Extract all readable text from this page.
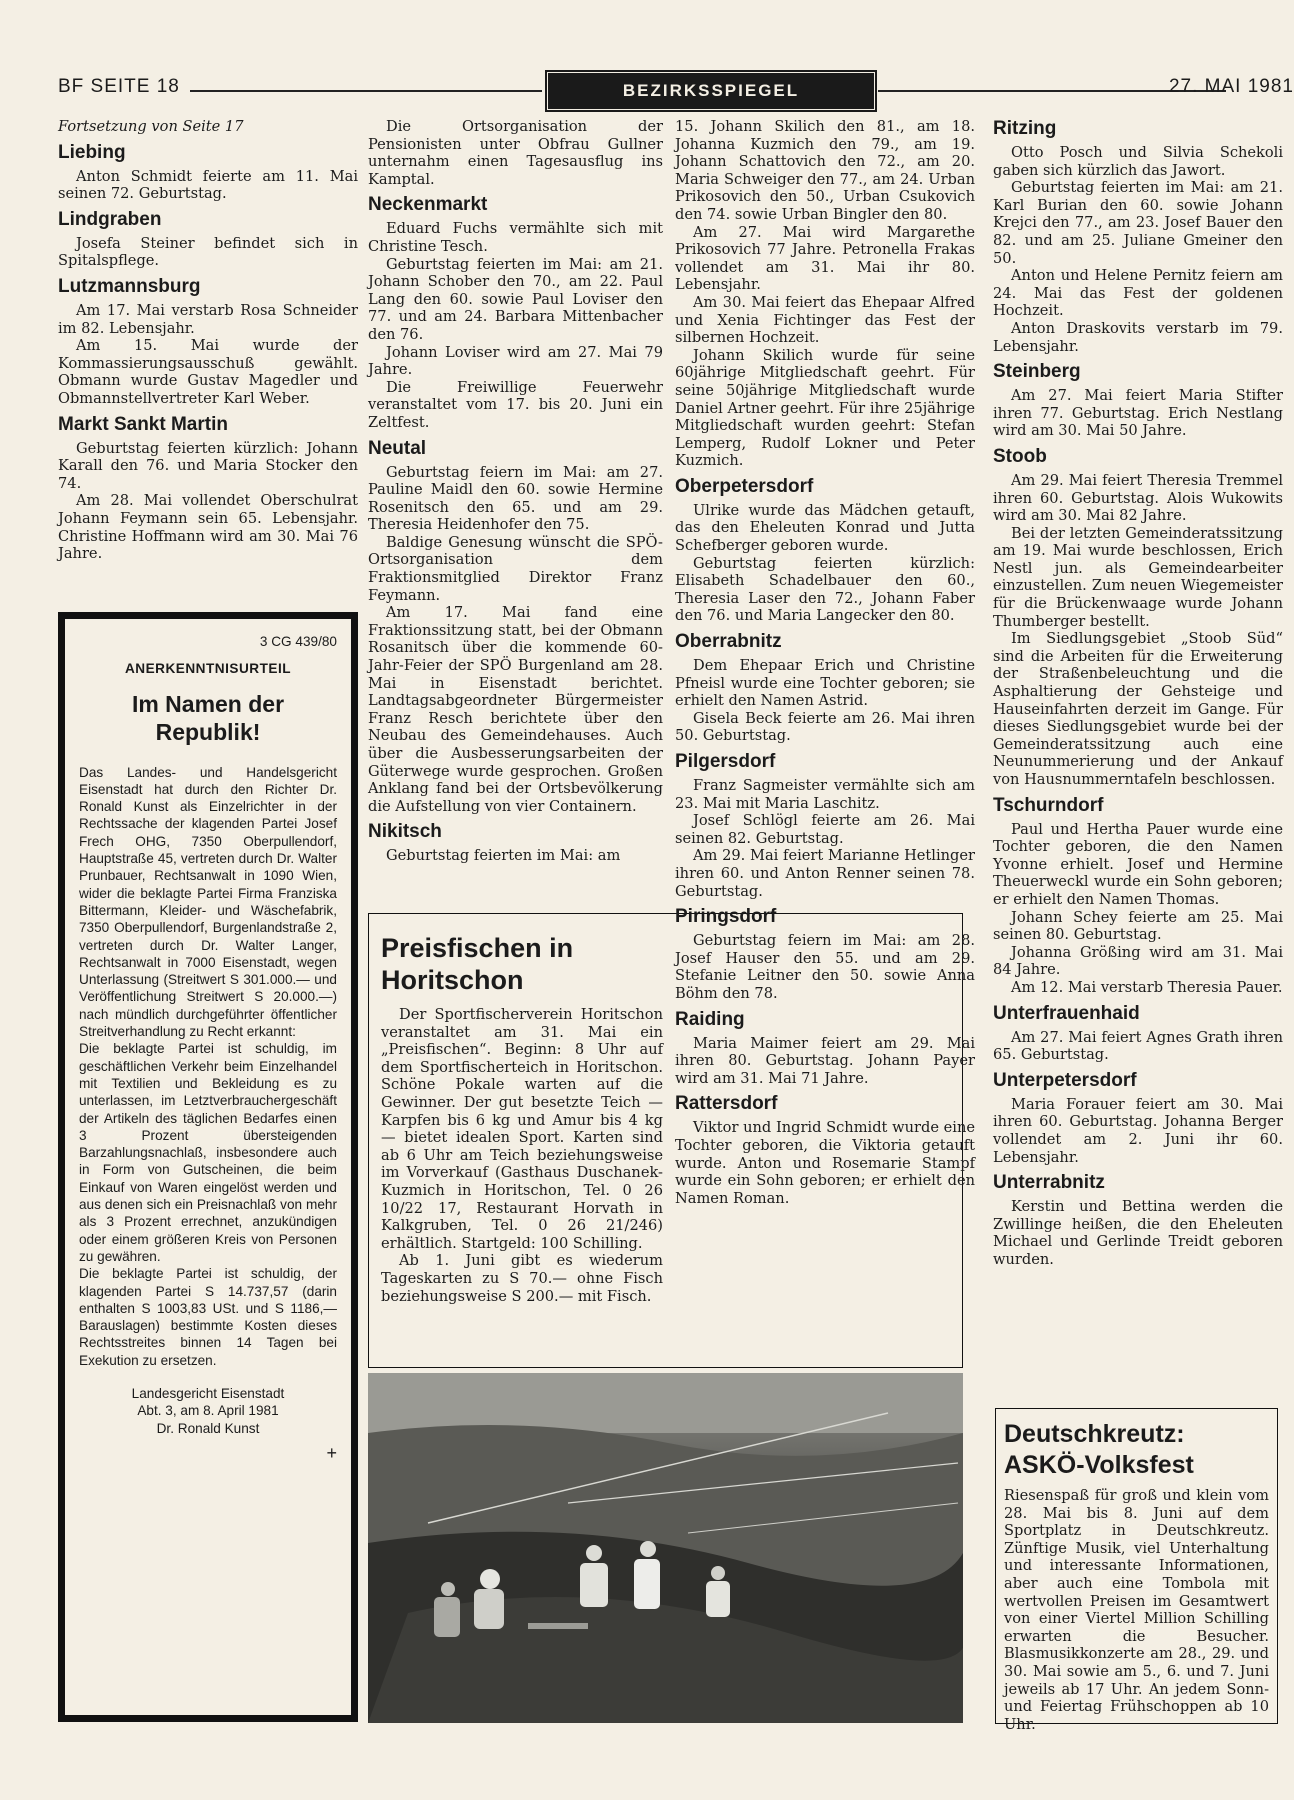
BF SEITE 18	BEZIRKSSPIEGEL	27. MAI 1981

Fortsetzung von Seite 17

Liebing

Anton Schmidt feierte am 11. Mai seinen 72. Geburtstag.

Lindgraben

Josefa Steiner befindet sich in Spitalspflege.

Lutzmannsburg

Am 17. Mai verstarb Rosa Schneider im 82. Lebensjahr.

Am 15. Mai wurde der Kommassierungsausschuß gewählt. Obmann wurde Gustav Magedler und Obmannstellvertreter Karl Weber.

Markt Sankt Martin

Geburtstag feierten kürzlich: Johann Karall den 76. und Maria Stocker den 74.

Am 28. Mai vollendet Oberschulrat Johann Feymann sein 65. Lebensjahr. Christine Hoffmann wird am 30. Mai 76 Jahre.

3 CG 439/80

ANERKENNTNISURTEIL

Im Namen der Republik!

Das Landes- und Handelsgericht Eisenstadt hat durch den Richter Dr. Ronald Kunst als Einzelrichter in der Rechtssache der klagenden Partei Josef Frech OHG, 7350 Oberpullendorf, Hauptstraße 45, vertreten durch Dr. Walter Prunbauer, Rechtsanwalt in 1090 Wien, wider die beklagte Partei Firma Franziska Bittermann, Kleider- und Wäschefabrik, 7350 Oberpullendorf, Burgenlandstraße 2, vertreten durch Dr. Walter Langer, Rechtsanwalt in 7000 Eisenstadt, wegen Unterlassung (Streitwert S 301.000.— und Veröffentlichung Streitwert S 20.000.—) nach mündlich durchgeführter öffentlicher Streitverhandlung zu Recht erkannt:

Die beklagte Partei ist schuldig, im geschäftlichen Verkehr beim Einzelhandel mit Textilien und Bekleidung es zu unterlassen, im Letztverbrauchergeschäft der Artikeln des täglichen Bedarfes einen 3 Prozent übersteigenden Barzahlungsnachlaß, insbesondere auch in Form von Gutscheinen, die beim Einkauf von Waren eingelöst werden und aus denen sich ein Preisnachlaß von mehr als 3 Prozent errechnet, anzukündigen oder einem größeren Kreis von Personen zu gewähren.

Die beklagte Partei ist schuldig, der klagenden Partei S 14.737,57 (darin enthalten S 1003,83 USt. und S 1186,— Barauslagen) bestimmte Kosten dieses Rechtsstreites binnen 14 Tagen bei Exekution zu ersetzen.

Landesgericht Eisenstadt

Abt. 3, am 8. April 1981

Dr. Ronald Kunst

+

Die Ortsorganisation der Pensionisten unter Obfrau Gullner unternahm einen Tagesausflug ins Kamptal.

Neckenmarkt

Eduard Fuchs vermählte sich mit Christine Tesch.

Geburtstag feierten im Mai: am 21. Johann Schober den 70., am 22. Paul Lang den 60. sowie Paul Loviser den 77. und am 24. Barbara Mittenbacher den 76.

Johann Loviser wird am 27. Mai 79 Jahre.

Die Freiwillige Feuerwehr veranstaltet vom 17. bis 20. Juni ein Zeltfest.

Neutal

Geburtstag feiern im Mai: am 27. Pauline Maidl den 60. sowie Hermine Rosenitsch den 65. und am 29. Theresia Heidenhofer den 75.

Baldige Genesung wünscht die SPÖ-Ortsorganisation dem Fraktionsmitglied Direktor Franz Feymann.

Am 17. Mai fand eine Fraktionssitzung statt, bei der Obmann Rosanitsch über die kommende 60-Jahr-Feier der SPÖ Burgenland am 28. Mai in Eisenstadt berichtet. Landtagsabgeordneter Bürgermeister Franz Resch berichtete über den Neubau des Gemeindehauses. Auch über die Ausbesserungsarbeiten der Güterwege wurde gesprochen. Großen Anklang fand bei der Ortsbevölkerung die Aufstellung von vier Containern.

Nikitsch

Geburtstag feierten im Mai: am

Preisfischen in Horitschon

Der Sportfischerverein Horitschon veranstaltet am 31. Mai ein „Preisfischen“. Beginn: 8 Uhr auf dem Sportfischerteich in Horitschon. Schöne Pokale warten auf die Gewinner. Der gut besetzte Teich — Karpfen bis 6 kg und Amur bis 4 kg — bietet idealen Sport. Karten sind ab 6 Uhr am Teich beziehungsweise im Vorverkauf (Gasthaus Duschanek-Kuzmich in Horitschon, Tel. 0 26 10/22 17, Restaurant Horvath in Kalkgruben, Tel. 0 26 21/246) erhältlich. Startgeld: 100 Schilling.

Ab 1. Juni gibt es wiederum Tageskarten zu S 70.— ohne Fisch beziehungsweise S 200.— mit Fisch.

15. Johann Skilich den 81., am 18. Johanna Kuzmich den 79., am 19. Johann Schattovich den 72., am 20. Maria Schweiger den 77., am 24. Urban Prikosovich den 50., Urban Csukovich den 74. sowie Urban Bingler den 80.

Am 27. Mai wird Margarethe Prikosovich 77 Jahre. Petronella Frakas vollendet am 31. Mai ihr 80. Lebensjahr.

Am 30. Mai feiert das Ehepaar Alfred und Xenia Fichtinger das Fest der silbernen Hochzeit.

Johann Skilich wurde für seine 60jährige Mitgliedschaft geehrt. Für seine 50jährige Mitgliedschaft wurde Daniel Artner geehrt. Für ihre 25jährige Mitgliedschaft wurden geehrt: Stefan Lemperg, Rudolf Lokner und Peter Kuzmich.

Oberpetersdorf

Ulrike wurde das Mädchen getauft, das den Eheleuten Konrad und Jutta Schefberger geboren wurde.

Geburtstag feierten kürzlich: Elisabeth Schadelbauer den 60., Theresia Laser den 72., Johann Faber den 76. und Maria Langecker den 80.

Oberrabnitz

Dem Ehepaar Erich und Christine Pfneisl wurde eine Tochter geboren; sie erhielt den Namen Astrid.

Gisela Beck feierte am 26. Mai ihren 50. Geburtstag.

Pilgersdorf

Franz Sagmeister vermählte sich am 23. Mai mit Maria Laschitz.

Josef Schlögl feierte am 26. Mai seinen 82. Geburtstag.

Am 29. Mai feiert Marianne Hetlinger ihren 60. und Anton Renner seinen 78. Geburtstag.

Piringsdorf

Geburtstag feiern im Mai: am 28. Josef Hauser den 55. und am 29. Stefanie Leitner den 50. sowie Anna Böhm den 78.

Raiding

Maria Maimer feiert am 29. Mai ihren 80. Geburtstag. Johann Payer wird am 31. Mai 71 Jahre.

Rattersdorf

Viktor und Ingrid Schmidt wurde eine Tochter geboren, die Viktoria getauft wurde. Anton und Rosemarie Stampf wurde ein Sohn geboren; er erhielt den Namen Roman.

Ritzing

Otto Posch und Silvia Schekoli gaben sich kürzlich das Jawort.

Geburtstag feierten im Mai: am 21. Karl Burian den 60. sowie Johann Krejci den 77., am 23. Josef Bauer den 82. und am 25. Juliane Gmeiner den 50.

Anton und Helene Pernitz feiern am 24. Mai das Fest der goldenen Hochzeit.

Anton Draskovits verstarb im 79. Lebensjahr.

Steinberg

Am 27. Mai feiert Maria Stifter ihren 77. Geburtstag. Erich Nestlang wird am 30. Mai 50 Jahre.

Stoob

Am 29. Mai feiert Theresia Tremmel ihren 60. Geburtstag. Alois Wukowits wird am 30. Mai 82 Jahre.

Bei der letzten Gemeinderatssitzung am 19. Mai wurde beschlossen, Erich Nestl jun. als Gemeindearbeiter einzustellen. Zum neuen Wiegemeister für die Brückenwaage wurde Johann Thumberger bestellt.

Im Siedlungsgebiet „Stoob Süd“ sind die Arbeiten für die Erweiterung der Straßenbeleuchtung und die Asphaltierung der Gehsteige und Hauseinfahrten derzeit im Gange. Für dieses Siedlungsgebiet wurde bei der Gemeinderatssitzung auch eine Neunummerierung und der Ankauf von Hausnummerntafeln beschlossen.

Tschurndorf

Paul und Hertha Pauer wurde eine Tochter geboren, die den Namen Yvonne erhielt. Josef und Hermine Theuerweckl wurde ein Sohn geboren; er erhielt den Namen Thomas.

Johann Schey feierte am 25. Mai seinen 80. Geburtstag.

Johanna Größing wird am 31. Mai 84 Jahre.

Am 12. Mai verstarb Theresia Pauer.

Unterfrauenhaid

Am 27. Mai feiert Agnes Grath ihren 65. Geburtstag.

Unterpetersdorf

Maria Forauer feiert am 30. Mai ihren 60. Geburtstag. Johanna Berger vollendet am 2. Juni ihr 60. Lebensjahr.

Unterrabnitz

Kerstin und Bettina werden die Zwillinge heißen, die den Eheleuten Michael und Gerlinde Treidt geboren wurden.

Deutschkreutz: ASKÖ-Volksfest

Riesenspaß für groß und klein vom 28. Mai bis 8. Juni auf dem Sportplatz in Deutschkreutz. Zünftige Musik, viel Unterhaltung und interessante Informationen, aber auch eine Tombola mit wertvollen Preisen im Gesamtwert von einer Viertel Million Schilling erwarten die Besucher. Blasmusikkonzerte am 28., 29. und 30. Mai sowie am 5., 6. und 7. Juni jeweils ab 17 Uhr. An jedem Sonn- und Feiertag Frühschoppen ab 10 Uhr.
